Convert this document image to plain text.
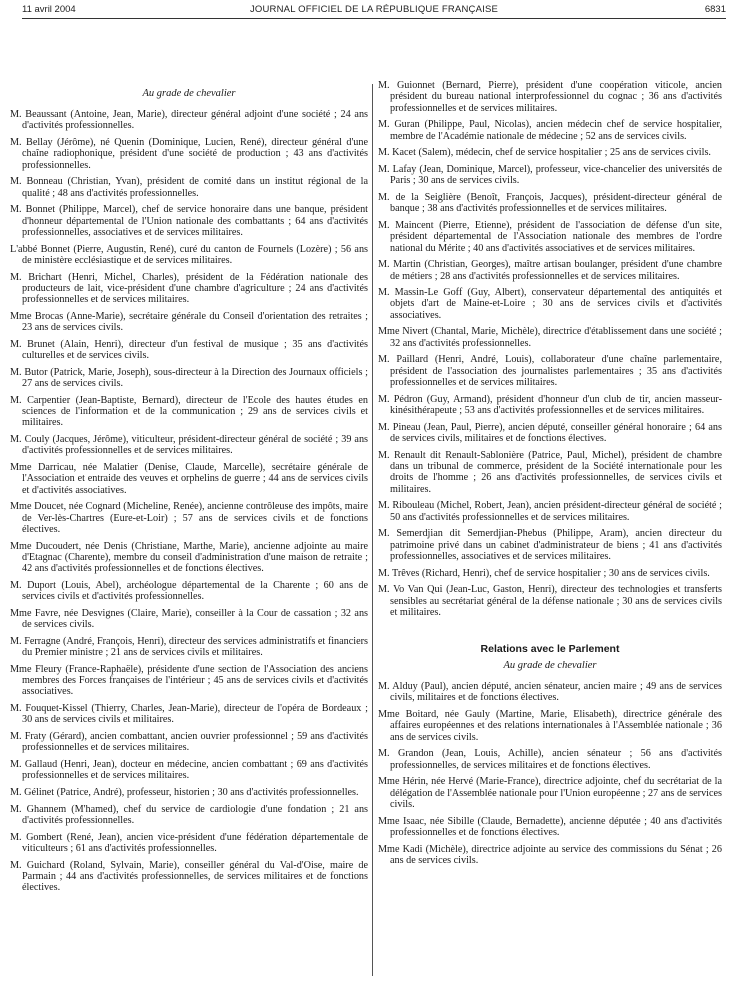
11 avril 2004	JOURNAL OFFICIEL DE LA RÉPUBLIQUE FRANÇAISE	6831
Au grade de chevalier

M. Beaussant (Antoine, Jean, Marie), directeur général adjoint d'une société ; 24 ans d'activités professionnelles.

M. Bellay (Jérôme), né Quenin (Dominique, Lucien, René), directeur général d'une chaîne radiophonique, président d'une société de production ; 43 ans d'activités professionnelles.

M. Bonneau (Christian, Yvan), président de comité dans un institut régional de la qualité ; 48 ans d'activités professionnelles.

M. Bonnet (Philippe, Marcel), chef de service honoraire dans une banque, président d'honneur départemental de l'Union nationale des combattants ; 64 ans d'activités professionnelles, associatives et de services militaires.

L'abbé Bonnet (Pierre, Augustin, René), curé du canton de Fournels (Lozère) ; 56 ans de ministère ecclésiastique et de services militaires.

M. Brichart (Henri, Michel, Charles), président de la Fédération nationale des producteurs de lait, vice-président d'une chambre d'agriculture ; 24 ans d'activités professionnelles et de services militaires.

Mme Brocas (Anne-Marie), secrétaire générale du Conseil d'orientation des retraites ; 23 ans de services civils.

M. Brunet (Alain, Henri), directeur d'un festival de musique ; 35 ans d'activités culturelles et de services civils.

M. Butor (Patrick, Marie, Joseph), sous-directeur à la Direction des Journaux officiels ; 27 ans de services civils.

M. Carpentier (Jean-Baptiste, Bernard), directeur de l'Ecole des hautes études en sciences de l'information et de la communication ; 29 ans de services civils et militaires.

M. Couly (Jacques, Jérôme), viticulteur, président-directeur général de société ; 39 ans d'activités professionnelles et de services militaires.

Mme Darricau, née Malatier (Denise, Claude, Marcelle), secrétaire générale de l'Association et entraide des veuves et orphelins de guerre ; 44 ans de services civils et d'activités associatives.

Mme Doucet, née Cognard (Micheline, Renée), ancienne contrôleuse des impôts, maire de Ver-lès-Chartres (Eure-et-Loir) ; 57 ans de services civils et de fonctions électives.

Mme Ducoudert, née Denis (Christiane, Marthe, Marie), ancienne adjointe au maire d'Etagnac (Charente), membre du conseil d'administration d'une maison de retraite ; 42 ans d'activités professionnelles et de fonctions électives.

M. Duport (Louis, Abel), archéologue départemental de la Charente ; 60 ans de services civils et d'activités professionnelles.

Mme Favre, née Desvignes (Claire, Marie), conseiller à la Cour de cassation ; 32 ans de services civils.

M. Ferragne (André, François, Henri), directeur des services administratifs et financiers du Premier ministre ; 21 ans de services civils et militaires.

Mme Fleury (France-Raphaële), présidente d'une section de l'Association des anciens membres des Forces françaises de l'intérieur ; 45 ans de services civils et d'activités associatives.

M. Fouquet-Kissel (Thierry, Charles, Jean-Marie), directeur de l'opéra de Bordeaux ; 30 ans de services civils et militaires.

M. Fraty (Gérard), ancien combattant, ancien ouvrier professionnel ; 59 ans d'activités professionnelles et de services militaires.

M. Gallaud (Henri, Jean), docteur en médecine, ancien combattant ; 69 ans d'activités professionnelles et de services militaires.

M. Gélinet (Patrice, André), professeur, historien ; 30 ans d'activités professionnelles.

M. Ghannem (M'hamed), chef du service de cardiologie d'une fondation ; 21 ans d'activités professionnelles.

M. Gombert (René, Jean), ancien vice-président d'une fédération départementale de viticulteurs ; 61 ans d'activités professionnelles.

M. Guichard (Roland, Sylvain, Marie), conseiller général du Val-d'Oise, maire de Parmain ; 44 ans d'activités professionnelles, de services militaires et de fonctions électives.

M. Guionnet (Bernard, Pierre), président d'une coopération viticole, ancien président du bureau national interprofessionnel du cognac ; 36 ans d'activités professionnelles et de services militaires.

M. Guran (Philippe, Paul, Nicolas), ancien médecin chef de service hospitalier, membre de l'Académie nationale de médecine ; 52 ans de services civils.

M. Kacet (Salem), médecin, chef de service hospitalier ; 25 ans de services civils.

M. Lafay (Jean, Dominique, Marcel), professeur, vice-chancelier des universités de Paris ; 30 ans de services civils.

M. de la Seiglière (Benoît, François, Jacques), président-directeur général de banque ; 38 ans d'activités professionnelles et de services militaires.

M. Maincent (Pierre, Etienne), président de l'association de défense d'un site, président départemental de l'Association nationale des membres de l'ordre national du Mérite ; 40 ans d'activités associatives et de services militaires.

M. Martin (Christian, Georges), maître artisan boulanger, président d'une chambre de métiers ; 28 ans d'activités professionnelles et de services militaires.

M. Massin-Le Goff (Guy, Albert), conservateur départemental des antiquités et objets d'art de Maine-et-Loire ; 30 ans de services civils et d'activités associatives.

Mme Nivert (Chantal, Marie, Michèle), directrice d'établissement dans une société ; 32 ans d'activités professionnelles.

M. Paillard (Henri, André, Louis), collaborateur d'une chaîne parlementaire, président de l'association des journalistes parlementaires ; 35 ans d'activités professionnelles et de services militaires.

M. Pédron (Guy, Armand), président d'honneur d'un club de tir, ancien masseur-kinésithérapeute ; 53 ans d'activités professionnelles et de services militaires.

M. Pineau (Jean, Paul, Pierre), ancien député, conseiller général honoraire ; 64 ans de services civils, militaires et de fonctions électives.

M. Renault dit Renault-Sablonière (Patrice, Paul, Michel), président de chambre dans un tribunal de commerce, président de la Société internationale pour les droits de l'homme ; 26 ans d'activités professionnelles, de services civils et militaires.

M. Ribouleau (Michel, Robert, Jean), ancien président-directeur général de société ; 50 ans d'activités professionnelles et de services militaires.

M. Semerdjian dit Semerdjian-Phebus (Philippe, Aram), ancien directeur du patrimoine privé dans un cabinet d'administrateur de biens ; 41 ans d'activités professionnelles, associatives et de services militaires.

M. Trêves (Richard, Henri), chef de service hospitalier ; 30 ans de services civils.

M. Vo Van Qui (Jean-Luc, Gaston, Henri), directeur des technologies et transferts sensibles au secrétariat général de la défense nationale ; 30 ans de services civils et militaires.

Relations avec le Parlement
Au grade de chevalier

M. Alduy (Paul), ancien député, ancien sénateur, ancien maire ; 49 ans de services civils, militaires et de fonctions électives.

Mme Boitard, née Gauly (Martine, Marie, Elisabeth), directrice générale des affaires européennes et des relations internationales à l'Assemblée nationale ; 36 ans de services civils.

M. Grandon (Jean, Louis, Achille), ancien sénateur ; 56 ans d'activités professionnelles, de services militaires et de fonctions électives.

Mme Hérin, née Hervé (Marie-France), directrice adjointe, chef du secrétariat de la délégation de l'Assemblée nationale pour l'Union européenne ; 27 ans de services civils.

Mme Isaac, née Sibille (Claude, Bernadette), ancienne députée ; 40 ans d'activités professionnelles et de fonctions électives.

Mme Kadi (Michèle), directrice adjointe au service des commissions du Sénat ; 26 ans de services civils.
